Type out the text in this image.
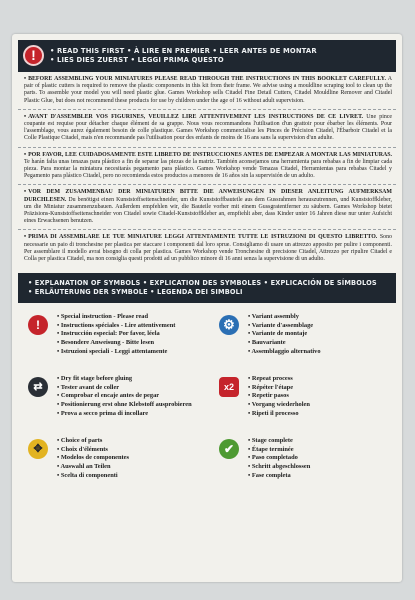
!	• READ THIS FIRST • À LIRE EN PREMIER • LEER ANTES DE MONTAR
• LIES DIES ZUERST • LEGGI PRIMA QUESTO
• BEFORE ASSEMBLING YOUR MINIATURES PLEASE READ THROUGH THE INSTRUCTIONS IN THIS BOOKLET CAREFULLY. A pair of plastic cutters is required to remove the plastic components in this kit from their frame. We advise using a mouldline scraping tool to clean up the parts. To assemble your model you will need plastic glue. Games Workshop sells Citadel Fine Detail Cutters, Citadel Mouldline Remover and Citadel Plastic Glue, but does not recommend these products for use by children under the age of 16 without adult supervision.
• AVANT D'ASSEMBLER VOS FIGURINES, VEUILLEZ LIRE ATTENTIVEMENT LES INSTRUCTIONS DE CE LIVRET. Une pince coupante est requise pour détacher chaque élément de sa grappe. Nous vous recommandons l'utilisation d'un grattoir pour ébarber les éléments. Pour l'assemblage, vous aurez également besoin de colle plastique. Games Workshop commercialise les Pinces de Précision Citadel, l'Ébarboir Citadel et la Colle Plastique Citadel, mais n'en recommande pas l'utilisation pour des enfants de moins de 16 ans sans la supervision d'un adulte.
• POR FAVOR, LEE CUIDADOSAMENTE ESTE LIBRETO DE INSTRUCCIONES ANTES DE EMPEZAR A MONTAR LAS MINIATURAS. Te harán falta unas tenazas para plástico a fin de separar las piezas de la matriz. También aconsejamos una herramienta para rebabas a fin de limpiar cada pieza. Para montar la miniatura necesitarás pegamento para plástico. Games Workshop vende Tenazas Citadel, Herramientas para rebabas Citadel y Pegamento para plástico Citadel, pero no recomienda estos productos a menores de 16 años sin la supervisión de un adulto.
• VOR DEM ZUSAMMENBAU DER MINIATUREN BITTE DIE ANWEISUNGEN IN DIESER ANLEITUNG AUFMERKSAM DURCHLESEN. Du benötigst einen Kunststoffseitenschneider, um die Kunststoffbauteile aus dem Gussrahmen herauszutrennen, und Kunststoffkleber, um die Miniatur zusammenzubauen. Außerdem empfehlen wir, die Bauteile vorher mit einem Gussgratentferner zu säubern. Games Workshop bietet Präzisions-Kunststoffseitenschneider von Citadel sowie Citadel-Kunststoffkleber an, empfiehlt aber, dass Kinder unter 16 Jahren diese nur unter Aufsicht eines Erwachsenen benutzen.
• PRIMA DI ASSEMBLARE LE TUE MINIATURE LEGGI ATTENTAMENTE TUTTE LE ISTRUZIONI DI QUESTO LIBRETTO. Sono necessarie un paio di tronchesine per plastica per staccare i componenti dal loro sprue. Consigliamo di usare un attrezzo apposito per pulire i componenti. Per assemblare il modello avrai bisogno di colla per plastica. Games Workshop vende Tronchesine di precisione Citadel, Attrezzo per ripulire Citadel e Colla per plastica Citadel, ma non consiglia questi prodotti ad un pubblico minore di 16 anni senza la supervisione di un adulto.
• EXPLANATION OF SYMBOLS • EXPLICATION DES SYMBOLES • EXPLICACIÓN DE SÍMBOLOS
• ERLÄUTERUNG DER SYMBOLE • LEGENDA DEI SIMBOLI
!
• Special instruction - Please read
• Instructions spéciales - Lire attentivement
• Instrucción especial: Por favor, léela
• Besondere Anweisung - Bitte lesen
• Istruzioni speciali - Leggi attentamente
⚙
• Variant assembly
• Variante d'assemblage
• Variante de montaje
• Bauvariante
• Assemblaggio alternativo
⇄
• Dry fit stage before gluing
• Tester avant de coller
• Comprobar el encaje antes de pegar
• Positionierung erst ohne Klebstoff ausprobieren
• Prova a secco prima di incollare
x2
• Repeat process
• Répéter l'étape
• Repetir pasos
• Vorgang wiederholen
• Ripeti il processo
✥
• Choice of parts
• Choix d'éléments
• Modelos de componentes
• Auswahl an Teilen
• Scelta di componenti
✔
• Stage complete
• Étape terminée
• Paso completado
• Schritt abgeschlossen
• Fase completa
